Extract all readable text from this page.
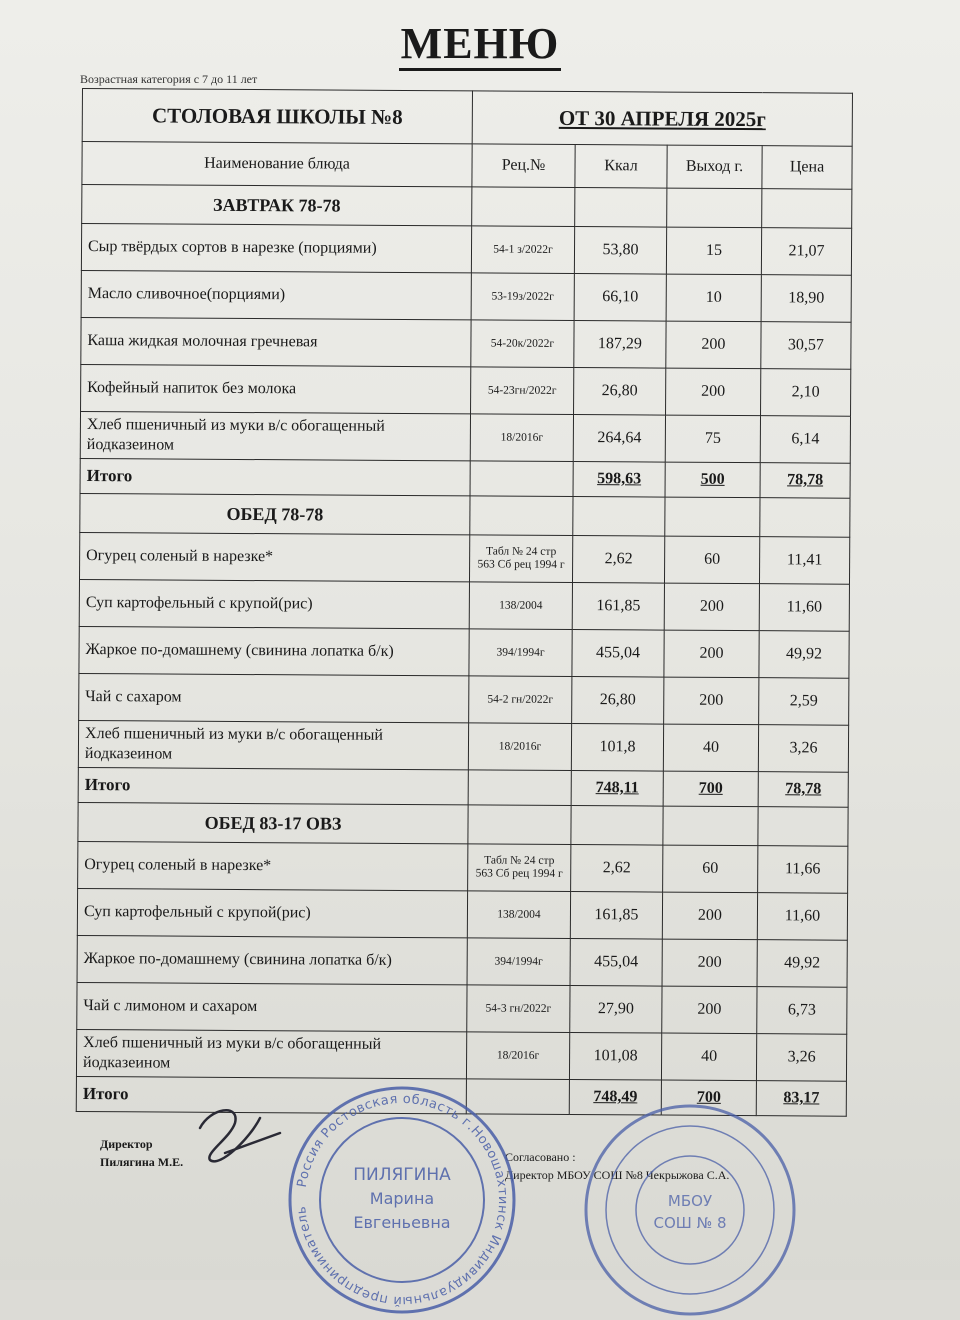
МЕНЮ
Возрастная категория с 7 до 11 лет
СТОЛОВАЯ ШКОЛЫ №8	ОТ 30 АПРЕЛЯ 2025г			
Наименование блюда	Рец.№	Ккал	Выход г.	Цена
ЗАВТРАК 78-78				
Сыр твёрдых сортов в нарезке (порциями)	54-1 з/2022г	53,80	15	21,07
Масло сливочное(порциями)	53-19з/2022г	66,10	10	18,90
Каша жидкая молочная гречневая	54-20к/2022г	187,29	200	30,57
Кофейный напиток без молока	54-23гн/2022г	26,80	200	2,10
Хлеб пшеничный из муки в/с обогащенный йодказеином	18/2016г	264,64	75	6,14
Итого		598,63	500	78,78
ОБЕД 78-78				
Огурец соленый в нарезке*	Табл № 24 стр 563 Сб рец 1994 г	2,62	60	11,41
Суп картофельный с крупой(рис)	138/2004	161,85	200	11,60
Жаркое по-домашнему (свинина лопатка б/к)	394/1994г	455,04	200	49,92
Чай с сахаром	54-2 гн/2022г	26,80	200	2,59
Хлеб пшеничный из муки в/с обогащенный йодказеином	18/2016г	101,8	40	3,26
Итого		748,11	700	78,78
ОБЕД 83-17 ОВЗ				
Огурец соленый в нарезке*	Табл № 24 стр 563 Сб рец 1994 г	2,62	60	11,66
Суп картофельный с крупой(рис)	138/2004	161,85	200	11,60
Жаркое по-домашнему (свинина лопатка б/к)	394/1994г	455,04	200	49,92
Чай с лимоном и сахаром	54-3 гн/2022г	27,90	200	6,73
Хлеб пшеничный из муки в/с обогащенный йодказеином	18/2016г	101,08	40	3,26
Итого		748,49	700	83,17
Директор
Пилягина М.Е.	Согласовано :
Директор МБОУ СОШ №8 Чекрыжова С.А.
Россия Ростовская область г.Новошахтинск Индивидуальный предприниматель
ПИЛЯГИНА
Марина
Евгеньевна
МБОУ
СОШ № 8
